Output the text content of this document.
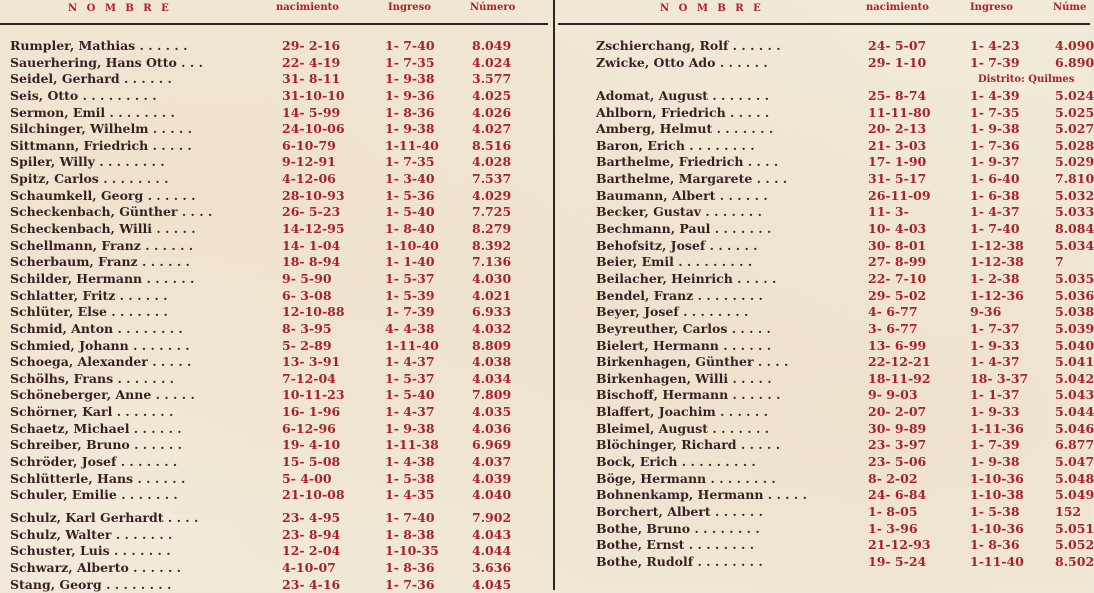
N O M B R E	nacimiento	Ingreso	Número
Rumpler, Mathias . . . . . .	29- 2-16	1- 7-40	8.049
Sauerhering, Hans Otto . . .	22- 4-19	1- 7-35	4.024
Seidel, Gerhard . . . . . .	31- 8-11	1- 9-38	3.577
Seis, Otto . . . . . . . . .	31-10-10	1- 9-36	4.025
Sermon, Emil . . . . . . . .	14- 5-99	1- 8-36	4.026
Silchinger, Wilhelm . . . . .	24-10-06	1- 9-38	4.027
Sittmann, Friedrich . . . . .	6-10-79	1-11-40	8.516
Spiler, Willy . . . . . . . .	9-12-91	1- 7-35	4.028
Spitz, Carlos . . . . . . . .	4-12-06	1- 3-40	7.537
Schaumkell, Georg . . . . . .	28-10-93	1- 5-36	4.029
Scheckenbach, Günther . . . .	26- 5-23	1- 5-40	7.725
Scheckenbach, Willi . . . . .	14-12-95	1- 8-40	8.279
Schellmann, Franz . . . . . .	14- 1-04	1-10-40	8.392
Scherbaum, Franz . . . . . .	18- 8-94	1- 1-40	7.136
Schilder, Hermann . . . . . .	9- 5-90	1- 5-37	4.030
Schlatter, Fritz . . . . . .	6- 3-08	1- 5-39	4.021
Schlüter, Else . . . . . . .	12-10-88	1- 7-39	6.933
Schmid, Anton . . . . . . . .	8- 3-95	4- 4-38	4.032
Schmied, Johann . . . . . . .	5- 2-89	1-11-40	8.809
Schoega, Alexander . . . . .	13- 3-91	1- 4-37	4.038
Schölhs, Frans . . . . . . .	7-12-04	1- 5-37	4.034
Schöneberger, Anne . . . . .	10-11-23	1- 5-40	7.809
Schörner, Karl . . . . . . .	16- 1-96	1- 4-37	4.035
Schaetz, Michael . . . . . .	6-12-96	1- 9-38	4.036
Schreiber, Bruno . . . . . .	19- 4-10	1-11-38	6.969
Schröder, Josef . . . . . . .	15- 5-08	1- 4-38	4.037
Schlütterle, Hans . . . . . .	5- 4-00	1- 5-38	4.039
Schuler, Emilie . . . . . . .	21-10-08	1- 4-35	4.040
Schulz, Karl Gerhardt . . . .	23- 4-95	1- 7-40	7.902
Schulz, Walter . . . . . . .	23- 8-94	1- 8-38	4.043
Schuster, Luis . . . . . . .	12- 2-04	1-10-35	4.044
Schwarz, Alberto . . . . . .	4-10-07	1- 8-36	3.636
Stang, Georg . . . . . . . .	23- 4-16	1- 7-36	4.045
N O M B R E	nacimiento	Ingreso	Núme
Zschierchang, Rolf . . . . . .	24- 5-07	1- 4-23	4.090
Zwicke, Otto Ado . . . . . .	29- 1-10	1- 7-39	6.890
Distrito: Quilmes
Adomat, August . . . . . . .	25- 8-74	1- 4-39	5.024
Ahlborn, Friedrich . . . . .	11-11-80	1- 7-35	5.025
Amberg, Helmut . . . . . . .	20- 2-13	1- 9-38	5.027
Baron, Erich . . . . . . . .	21- 3-03	1- 7-36	5.028
Barthelme, Friedrich . . . .	17- 1-90	1- 9-37	5.029
Barthelme, Margarete . . . .	31- 5-17	1- 6-40	7.810
Baumann, Albert . . . . . .	26-11-09	1- 6-38	5.032
Becker, Gustav . . . . . . .	11- 3-	1- 4-37	5.033
Bechmann, Paul . . . . . . .	10- 4-03	1- 7-40	8.084
Behofsitz, Josef . . . . . .	30- 8-01	1-12-38 5.034
Beier, Emil . . . . . . . . .	27- 8-99	1-12-38 7
Beilacher, Heinrich . . . . .	22- 7-10	1- 2-38	5.035
Bendel, Franz . . . . . . . .	29- 5-02	1-12-36 5.036
Beyer, Josef . . . . . . . .	4- 6-77	9-36	5.038
Beyreuther, Carlos . . . . .	3- 6-77	1- 7-37	5.039
Bielert, Hermann . . . . . .	13- 6-99	1- 9-33	5.040
Birkenhagen, Günther . . . .	22-12-21	1- 4-37	5.041
Birkenhagen, Willi . . . . .	18-11-92	18- 3-37 5.042
Bischoff, Hermann . . . . . .	9- 9-03	1- 1-37	5.043
Blaffert, Joachim . . . . . .	20- 2-07	1- 9-33	5.044
Bleimel, August . . . . . . .	30- 9-89	1-11-36 5.046
Blöchinger, Richard . . . . .	23- 3-97	1- 7-39	6.877
Bock, Erich . . . . . . . . .	23- 5-06	1- 9-38	5.047
Böge, Hermann . . . . . . . .	8- 2-02	1-10-36 5.048
Bohnenkamp, Hermann . . . . .	24- 6-84	1-10-38 5.049
Borchert, Albert . . . . . .	1- 8-05	1- 5-38	152
Bothe, Bruno . . . . . . . .	1- 3-96	1-10-36 5.051
Bothe, Ernst . . . . . . . .	21-12-93	1- 8-36	5.052
Bothe, Rudolf . . . . . . . .	19- 5-24	1-11-40 8.502
